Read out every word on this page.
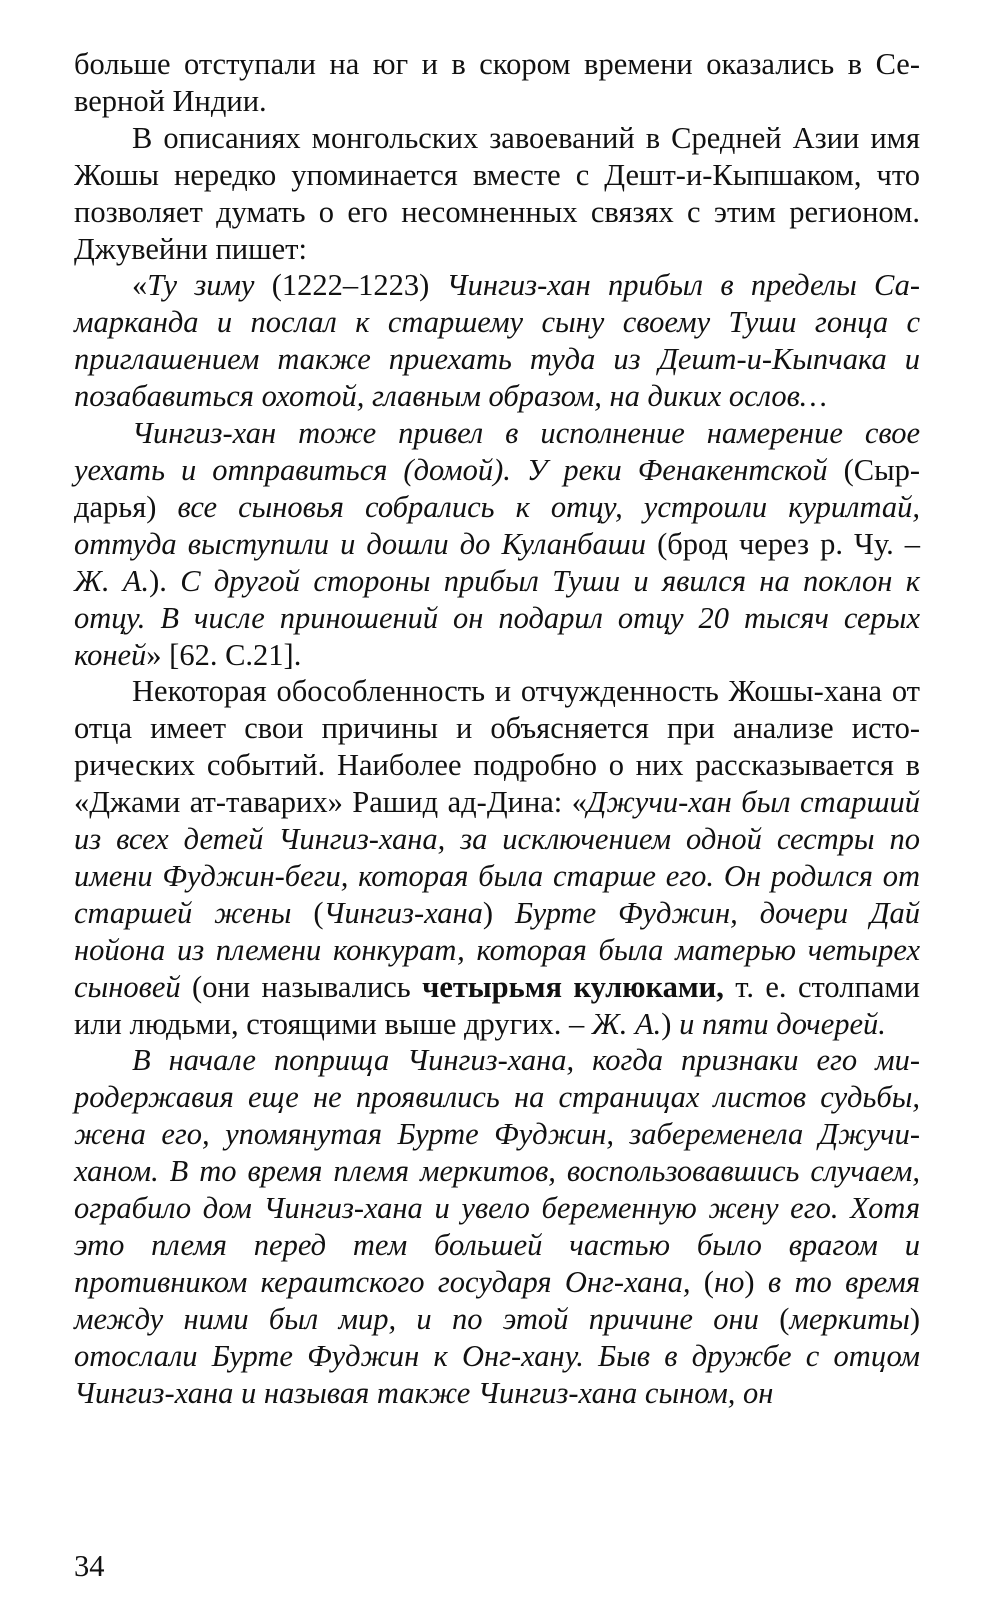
больше отступали на юг и в скором времени оказались в Северной Индии.

В описаниях монгольских завоеваний в Средней Азии имя Жошы нередко упоминается вместе с Дешт-и-Кыпшаком, что позволяет думать о его несомненных связях с этим регионом. Джувейни пишет:

«Ту зиму (1222–1223) Чингиз-хан прибыл в пределы Самарканда и послал к старшему сыну своему Туши гонца с приглашением также приехать туда из Дешт-и-Кыпчака и позабавиться охотой, главным образом, на диких ослов…

Чингиз-хан тоже привел в исполнение намерение свое уехать и отправиться (домой). У реки Фенакентской (Сырдарья) все сыновья собрались к отцу, устроили курилтай, оттуда выступили и дошли до Куланбаши (брод через р. Чу. – Ж. А.). С другой стороны прибыл Туши и явился на поклон к отцу. В числе приношений он подарил отцу 20 тысяч серых коней» [62. С.21].

Некоторая обособленность и отчужденность Жошы-хана от отца имеет свои причины и объясняется при анализе исторических событий. Наиболее подробно о них рассказывается в «Джами ат-таварих» Рашид ад-Дина: «Джучи-хан был старший из всех детей Чингиз-хана, за исключением одной сестры по имени Фуджин-беги, которая была старше его. Он родился от старшей жены (Чингиз-хана) Бурте Фуджин, дочери Дай нойона из племени конкурат, которая была матерью четырех сыновей (они назывались четырьмя кулюками, т. е. столпами или людьми, стоящими выше других. – Ж. А.) и пяти дочерей.

В начале поприща Чингиз-хана, когда признаки его миродержавия еще не проявились на страницах листов судьбы, жена его, упомянутая Бурте Фуджин, забеременела Джучи-ханом. В то время племя меркитов, воспользовавшись случаем, ограбило дом Чингиз-хана и увело беременную жену его. Хотя это племя перед тем большей частью было врагом и противником кераитского государя Онг-хана, (но) в то время между ними был мир, и по этой причине они (меркиты) отослали Бурте Фуджин к Онг-хану. Быв в дружбе с отцом Чингиз-хана и называя также Чингиз-хана сыном, он

34
